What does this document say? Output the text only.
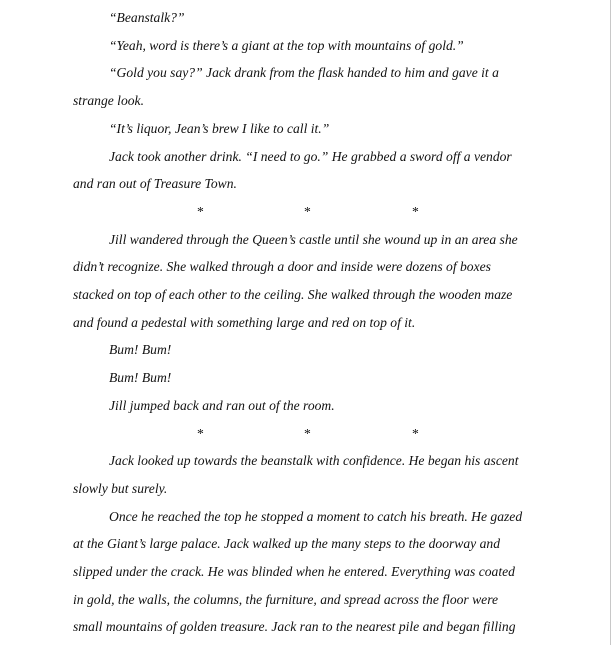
“Beanstalk?”

“Yeah, word is there’s a giant at the top with mountains of gold.”

“Gold you say?” Jack drank from the flask handed to him and gave it a
strange look.

“It’s liquor, Jean’s brew I like to call it.”

Jack took another drink. “I need to go.” He grabbed a sword off a vendor
and ran out of Treasure Town.

*	*	*

Jill wandered through the Queen’s castle until she wound up in an area she
didn’t recognize. She walked through a door and inside were dozens of boxes
stacked on top of each other to the ceiling. She walked through the wooden maze
and found a pedestal with something large and red on top of it.

Bum! Bum!

Bum! Bum!

Jill jumped back and ran out of the room.

*	*	*

Jack looked up towards the beanstalk with confidence. He began his ascent
slowly but surely.

Once he reached the top he stopped a moment to catch his breath. He gazed
at the Giant’s large palace. Jack walked up the many steps to the doorway and
slipped under the crack. He was blinded when he entered. Everything was coated
in gold, the walls, the columns, the furniture, and spread across the floor were
small mountains of golden treasure. Jack ran to the nearest pile and began filling
